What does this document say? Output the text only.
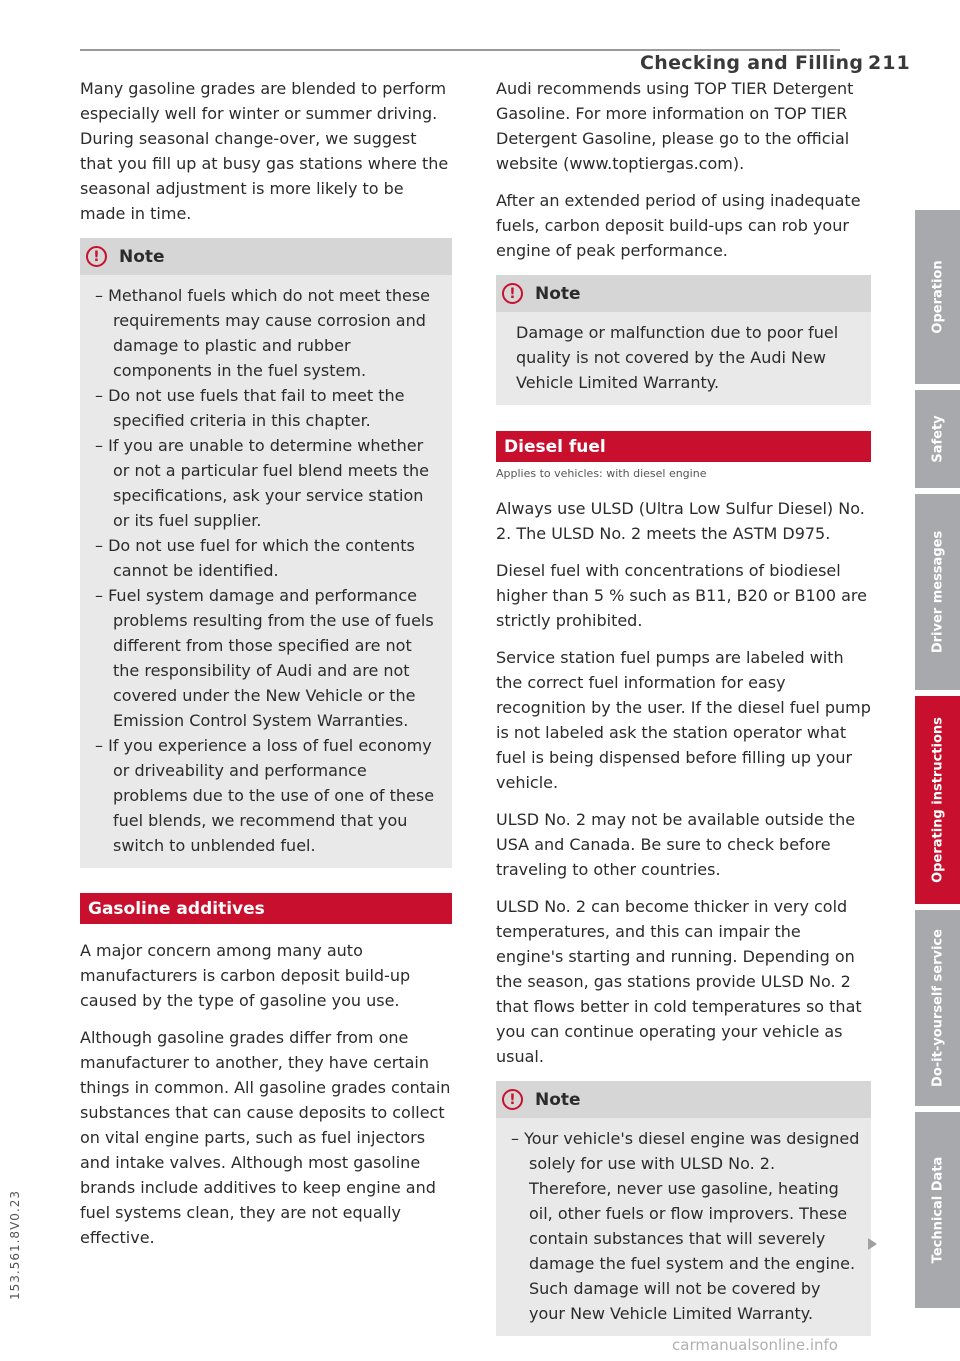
Checking and Filling 211

Many gasoline grades are blended to perform especially well for winter or summer driving. During seasonal change-over, we suggest that you fill up at busy gas stations where the seasonal adjustment is more likely to be made in time.

!	Note
– Methanol fuels which do not meet these requirements may cause corrosion and damage to plastic and rubber components in the fuel system.
– Do not use fuels that fail to meet the specified criteria in this chapter.
– If you are unable to determine whether or not a particular fuel blend meets the specifications, ask your service station or its fuel supplier.
– Do not use fuel for which the contents cannot be identified.
– Fuel system damage and performance problems resulting from the use of fuels different from those specified are not the responsibility of Audi and are not covered under the New Vehicle or the Emission Control System Warranties.
– If you experience a loss of fuel economy or driveability and performance problems due to the use of one of these fuel blends, we recommend that you switch to unblended fuel.
Gasoline additives

A major concern among many auto manufacturers is carbon deposit build-up caused by the type of gasoline you use.

Although gasoline grades differ from one manufacturer to another, they have certain things in common. All gasoline grades contain substances that can cause deposits to collect on vital engine parts, such as fuel injectors and intake valves. Although most gasoline brands include additives to keep engine and fuel systems clean, they are not equally effective.

Audi recommends using TOP TIER Detergent Gasoline. For more information on TOP TIER Detergent Gasoline, please go to the official website (www.toptiergas.com).

After an extended period of using inadequate fuels, carbon deposit build-ups can rob your engine of peak performance.

!	Note

Damage or malfunction due to poor fuel quality is not covered by the Audi New Vehicle Limited Warranty.

Diesel fuel

Applies to vehicles: with diesel engine

Always use ULSD (Ultra Low Sulfur Diesel) No. 2. The ULSD No. 2 meets the ASTM D975.

Diesel fuel with concentrations of biodiesel higher than 5 % such as B11, B20 or B100 are strictly prohibited.

Service station fuel pumps are labeled with the correct fuel information for easy recognition by the user. If the diesel fuel pump is not labeled ask the station operator what fuel is being dispensed before filling up your vehicle.

ULSD No. 2 may not be available outside the USA and Canada. Be sure to check before traveling to other countries.

ULSD No. 2 can become thicker in very cold temperatures, and this can impair the engine's starting and running. Depending on the season, gas stations provide ULSD No. 2 that flows better in cold temperatures so that you can continue operating your vehicle as usual.

!	Note
– Your vehicle's diesel engine was designed solely for use with ULSD No. 2. Therefore, never use gasoline, heating oil, other fuels or flow improvers. These contain substances that will severely damage the fuel system and the engine. Such damage will not be covered by your New Vehicle Limited Warranty.
Operation
Safety
Driver messages
Operating instructions
Do-it-yourself service
Technical Data
153.561.8V0.23
carmanualsonline.info
